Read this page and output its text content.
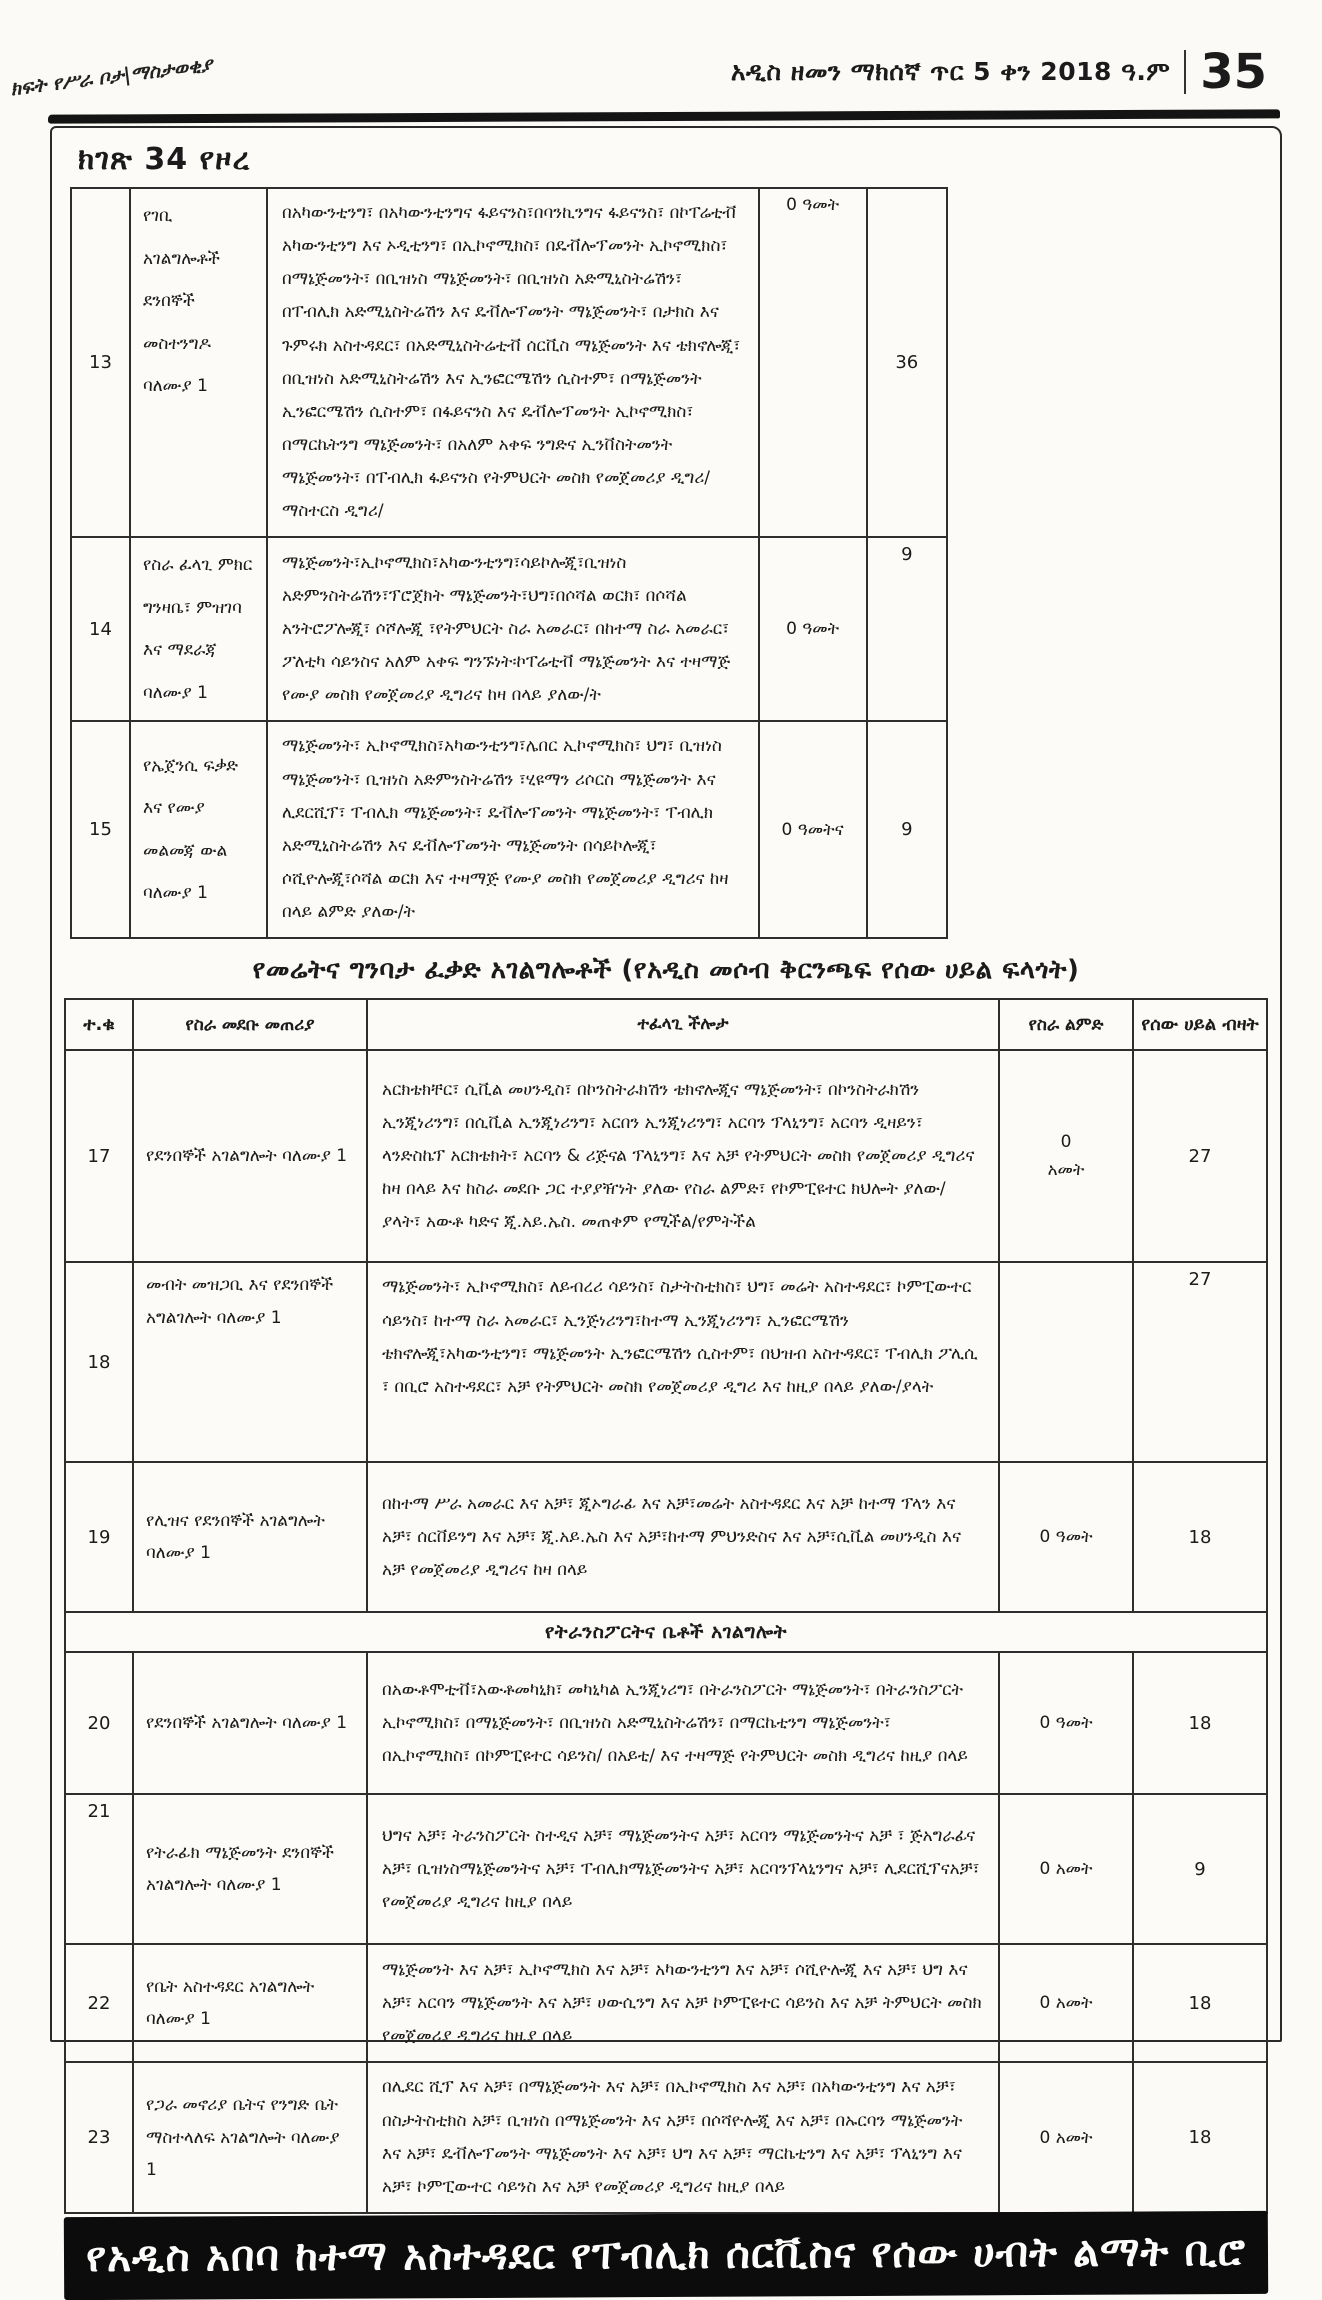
ክፍት የሥራ ቦታ|ማስታወቂያ	አዲስ ዘመን ማክሰኛ ጥር 5 ቀን 2018 ዓ.ም 35
ክገጽ 34 የዞረ
13	የገቢ አገልግሎቶች ደንበኞች መስተንግዶ ባለሙያ 1	በአካውንቲንግ፣ በአካውንቲንግና ፋይናንስ፣በባንኪንግና ፋይናንስ፣ በኮፐሬቲቭ አካውንቲንግ እና ኦዲቲንግ፣ በኢኮኖሚክስ፣ በዴቭሎፕመንት ኢኮኖሚክስ፣ በማኔጅመንት፣ በቢዝነስ ማኔጅመንት፣ በቢዝነስ አድሚኒስትሬሽን፣ በፐብሊክ አድሚኒስትሬሽን እና ዴቭሎፕመንት ማኔጅመንት፣ በታክስ እና ጉምሩክ አስተዳደር፣ በአድሚኒስትሬቲቭ ሰርቪስ ማኔጅመንት እና ቴክኖሎጂ፣ በቢዝነስ አድሚኒስትሬሽን እና ኢንፎርሜሽን ሲስተም፣ በማኔጅመንት ኢንፎርሜሽን ሲስተም፣ በፋይናንስ እና ዴቭሎፕመንት ኢኮኖሚክስ፣ በማርኬትንግ ማኔጅመንት፣ በአለም አቀፍ ንግድና ኢንቨስትመንት ማኔጅመንት፣ በፐብሊክ ፋይናንስ የትምህርት መስክ የመጀመሪያ ዲግሪ/ማስተርስ ዲግሪ/	0 ዓመት	36
14	የስራ ፈላጊ ምክር ግንዛቤ፣ ምዝገባ እና ማደራጃ ባለሙያ 1	ማኔጅመንት፣ኢኮኖሚክስ፣አካውንቲንግ፣ሳይኮሎጂ፣ቢዝነስ አድምንስትሬሽን፣ፕሮጀክት ማኔጅመንት፣ህግ፣በሶሻል ወርክ፣ በሶሻል አንትሮፖሎጂ፣ ሶሾሎጂ ፣የትምህርት ስራ አመራር፣ በከተማ ስራ አመራር፣ ፖለቲካ ሳይንስና አለም አቀፍ ግንኙነት፡ኮፐሬቲቭ ማኔጅመንት እና ተዛማጅ የሙያ መስክ የመጀመሪያ ዲግሪና ከዛ በላይ ያለው/ት	0 ዓመት	9
15	የኤጀንሲ ፍቃድ እና የሙያ መልመጃ ውል ባለሙያ 1	ማኔጅመንት፣ ኢኮኖሚክስ፣አካውንቲንግ፣ሌበር ኢኮኖሚክስ፣ ህግ፣ ቢዝነስ ማኔጅመንት፣ ቢዝነስ አድምንስትሬሽን ፣ሂዩማን ሪሶርስ ማኔጅመንት እና ሊደርሺፕ፣ ፐብሊክ ማኔጅመንት፣ ዴቭሎፕመንት ማኔጅመንት፣ ፐብሊክ አድሚኒስትሬሽን እና ዴቭሎፕመንት ማኔጅመንት በሳይኮሎጂ፣ ሶሺዮሎጂ፣ሶሻል ወርክ እና ተዛማጅ የሙያ መስክ የመጀመሪያ ዲግሪና ከዛ በላይ ልምድ ያለው/ት	0 ዓመትና	9
የመሬትና ግንባታ ፈቃድ አገልግሎቶች (የአዲስ መሶብ ቅርንጫፍ የሰው ሀይል ፍላጎት)
ተ.ቁ	የስራ መደቡ መጠሪያ	ተፈላጊ ችሎታ	የስራ ልምድ	የሰው ሀይል ብዛት
17	የደንበኞች አገልግሎት ባለሙያ 1	አርክቴክቸር፣ ሲቪል መሀንዲስ፣ በኮንስትራክሽን ቴክኖሎጂና ማኔጅመንት፣ በኮንስትራክሽን ኢንጂነሪንግ፣ በሲቪል ኢንጂነሪንግ፣ አርበን ኢንጂነሪንግ፣ አርባን ፕላኒንግ፣ አርባን ዲዛይን፣ ላንድስኬፕ አርክቴክት፣ አርባን & ሪጅናል ፕላኒንግ፣ እና አቻ የትምህርት መስክ የመጀመሪያ ዲግሪና ከዛ በላይ እና ከስራ መደቡ ጋር ተያያዥነት ያለው የስራ ልምድ፣ የኮምፒዩተር ክህሎት ያለው/ያላት፣ አውቶ ካድና ጂ.አይ.ኤስ. መጠቀም የሚችል/የምትችል	0 አመት	27
18	መብት መዝጋቢ እና የደንበኞች አግልገሎት ባለሙያ 1	ማኔጅመንት፣ ኢኮኖሚክስ፣ ለይብረሪ ሳይንስ፣ ስታትስቲክስ፣ ህግ፣ መሬት አስተዳደር፣ ኮምፒውተር ሳይንስ፣ ከተማ ስራ አመራር፣ ኢንጅነሪንግ፣ከተማ ኢንጂነሪንግ፣ ኢንፎርሜሽን ቴክኖሎጂ፣አካውንቲንግ፣ ማኔጅመንት ኢንፎርሜሽን ሲስተም፣ በህዝብ አስተዳደር፣ ፐብሊክ ፖሊሲ ፣ በቢሮ አስተዳደር፣ አቻ የትምህርት መስክ የመጀመሪያ ዲግሪ እና ከዚያ በላይ ያለው/ያላት		27
19	የሊዝና የደንበኞች አገልግሎት ባለሙያ 1	በከተማ ሥራ አመራር እና አቻ፣ ጂኦግራፊ እና አቻ፣መሬት አስተዳደር እና አቻ ከተማ ፕላን እና አቻ፣ ሰርቨይንግ እና አቻ፣ ጂ.አይ.ኤስ እና አቻ፣ከተማ ምህንድስና እና አቻ፣ሲቪል መሀንዲስ እና አቻ የመጀመሪያ ዲግሪና ከዛ በላይ	0 ዓመት	18
የትራንስፖርትና ቤቶች አገልግሎት				
20	የደንበኞች አገልግሎት ባለሙያ 1	በአውቶሞቲቭ፣አውቶመካኒክ፣ መካኒካል ኢንጂነሪግ፣ በትራንስፖርት ማኔጅመንት፣ በትራንስፖርት ኢኮኖሚክስ፣ በማኔጅመንት፣ በቢዝነስ አድሚኒስትሬሽን፣ በማርኬቲንግ ማኔጅመንት፣ በኢኮኖሚክስ፣ በኮምፒዩተር ሳይንስ/ በአይቲ/ እና ተዛማጅ የትምህርት መስክ ዲግሪና ከዚያ በላይ	0 ዓመት	18
21	የትራፊክ ማኔጅመንት ደንበኞች አገልግሎት ባለሙያ 1	ህግና አቻ፣ ትራንስፖርት ስተዲና አቻ፣ ማኔጅመንትና አቻ፣ አርባን ማኔጅመንትና አቻ ፣ ጅአግራፊና አቻ፣ ቢዝነስማኔጅመንትና አቻ፣ ፐብሊክማኔጅመንትና አቻ፣ አርባንፕላኒንግና አቻ፣ ሊደርሺፕናአቻ፣ የመጀመሪያ ዲግሪና ከዚያ በላይ	0 አመት	9
22	የቤት አስተዳደር አገልግሎት ባለሙያ 1	ማኔጅመንት እና አቻ፣ ኢኮኖሚክስ እና አቻ፣ አካውንቲንግ እና አቻ፣ ሶሺዮሎጂ እና አቻ፣ ህግ እና አቻ፣ አርባን ማኔጅመንት እና አቻ፣ ሀውሲንግ እና አቻ ኮምፒዩተር ሳይንስ እና አቻ ትምህርት መስክ የመጀመሪያ ዲግሪና ከዚያ በላይ	0 አመት	18
23	የጋራ መኖሪያ ቤትና የንግድ ቤት ማስተላለፍ አገልግሎት ባለሙያ 1	በሊደር ሺፕ እና አቻ፣ በማኔጅመንት እና አቻ፣ በኢኮኖሚክስ እና አቻ፣ በአካውንቲንግ እና አቻ፣ በስታትስቲክስ አቻ፣ ቢዝነስ በማኔጅመንት እና አቻ፣ በሶሻዮሎጂ እና አቻ፣ በኡርባን ማኔጅመንት እና አቻ፣ ዴቭሎፕመንት ማኔጅመንት እና አቻ፣ ህግ እና አቻ፣ ማርኬቲንግ እና አቻ፣ ፕላኒንግ እና አቻ፣ ኮምፒውተር ሳይንስ እና አቻ የመጀመሪያ ዲግሪና ከዚያ በላይ	0 አመት	18
የአዲስ አበባ ከተማ አስተዳደር የፐብሊክ ሰርቪስና የሰው ሀብት ልማት ቢሮ
